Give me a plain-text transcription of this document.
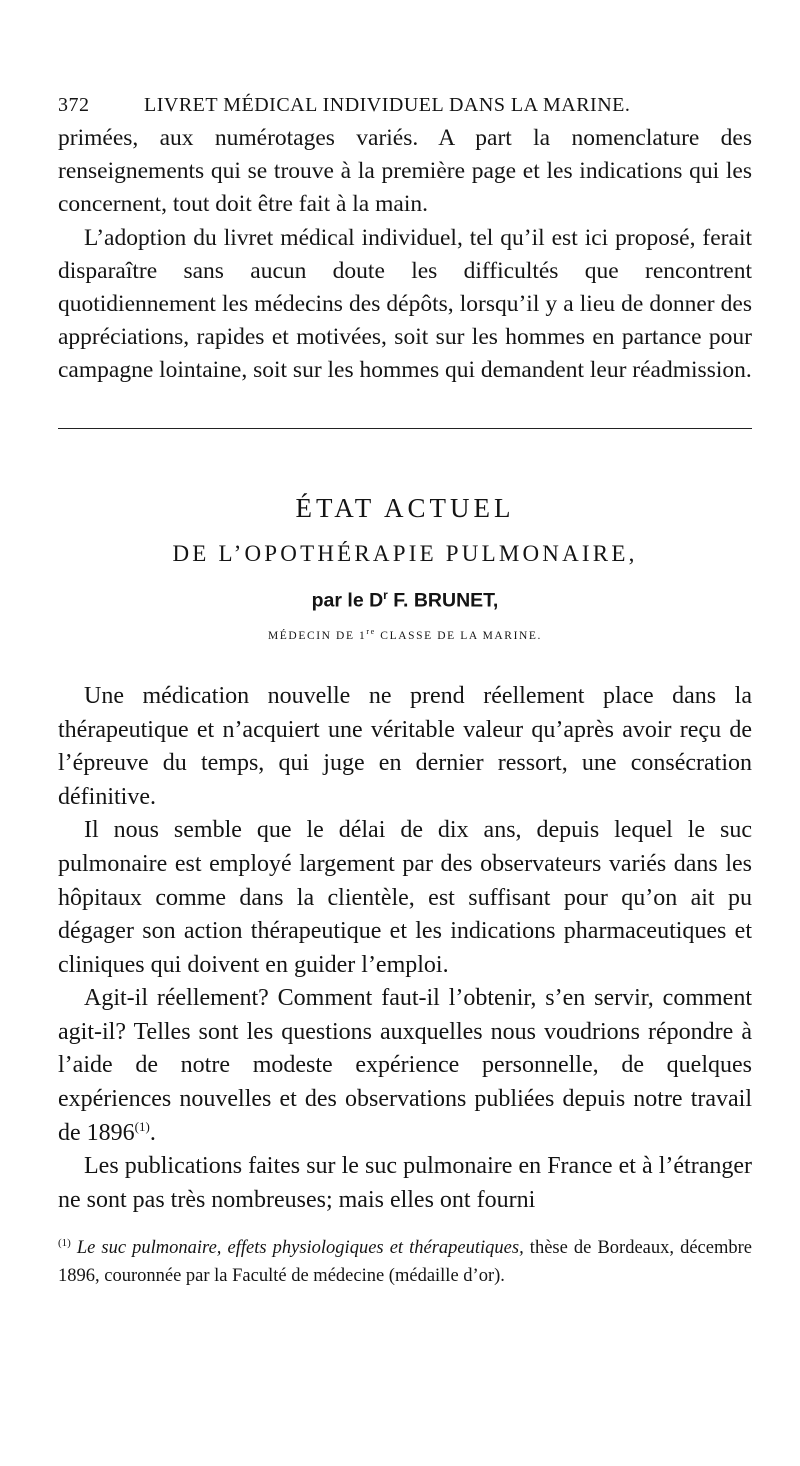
372	LIVRET MÉDICAL INDIVIDUEL DANS LA MARINE.

primées, aux numérotages variés. A part la nomenclature des renseignements qui se trouve à la première page et les indications qui les concernent, tout doit être fait à la main.

L’adoption du livret médical individuel, tel qu’il est ici proposé, ferait disparaître sans aucun doute les difficultés que rencontrent quotidiennement les médecins des dépôts, lorsqu’il y a lieu de donner des appréciations, rapides et motivées, soit sur les hommes en partance pour campagne lointaine, soit sur les hommes qui demandent leur réadmission.

ÉTAT ACTUEL
DE L’OPOTHÉRAPIE PULMONAIRE,
par le $D^r$ F. BRUNET,
MÉDECIN DE 1re CLASSE DE LA MARINE.

Une médication nouvelle ne prend réellement place dans la thérapeutique et n’acquiert une véritable valeur qu’après avoir reçu de l’épreuve du temps, qui juge en dernier ressort, une consécration définitive.

Il nous semble que le délai de dix ans, depuis lequel le suc pulmonaire est employé largement par des observateurs variés dans les hôpitaux comme dans la clientèle, est suffisant pour qu’on ait pu dégager son action thérapeutique et les indications pharmaceutiques et cliniques qui doivent en guider l’emploi.

Agit-il réellement? Comment faut-il l’obtenir, s’en servir, comment agit-il? Telles sont les questions auxquelles nous voudrions répondre à l’aide de notre modeste expérience personnelle, de quelques expériences nouvelles et des observations publiées depuis notre travail de 1896$^{(1)}$.

Les publications faites sur le suc pulmonaire en France et à l’étranger ne sont pas très nombreuses; mais elles ont fourni

$^{(1)}$ Le suc pulmonaire, effets physiologiques et thérapeutiques, thèse de Bordeaux, décembre 1896, couronnée par la Faculté de médecine (médaille d’or).
